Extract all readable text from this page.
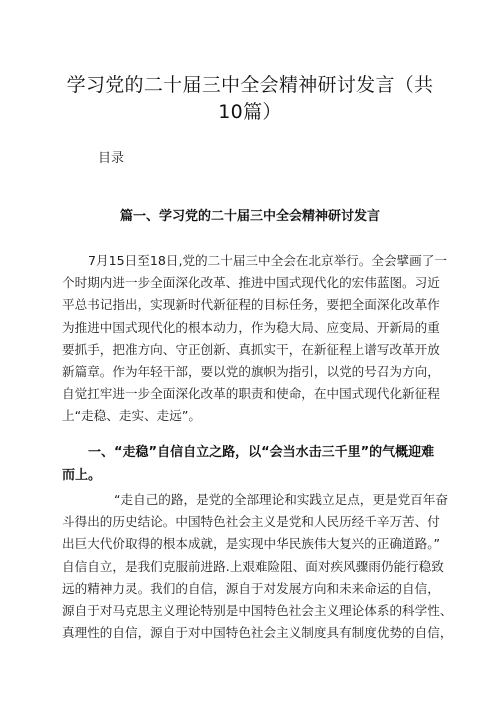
学习党的二十届三中全会精神研讨发言（共
10篇）
目录
篇一、学习党的二十届三中全会精神研讨发言
7月15日至18日,党的二十届三中全会在北京举行。全会擘画了一
个时期内进一步全面深化改革、推进中国式现代化的宏伟蓝图。习近
平总书记指出，实现新时代新征程的目标任务，要把全面深化改革作
为推进中国式现代化的根本动力，作为稳大局、应变局、开新局的重
要抓手，把准方向、守正创新、真抓实干，在新征程上谱写改革开放
新篇章。作为年轻干部，要以党的旗帜为指引，以党的号召为方向，
自觉扛牢进一步全面深化改革的职责和使命，在中国式现代化新征程
上“走稳、走实、走远”。
一、“走稳”自信自立之路，以“会当水击三千里”的气概迎难
而上。
“走自己的路，是党的全部理论和实践立足点，更是党百年奋
斗得出的历史结论。中国特色社会主义是党和人民历经千辛万苦、付
出巨大代价取得的根本成就，是实现中华民族伟大复兴的正确道路。”
自信自立，是我们克服前进路.上艰难险阻、面对疾风骤雨仍能行稳致
远的精神力灵。我们的自信，源自于对发展方向和未来命运的自信，
源自于对马克思主义理论特别是中国特色社会主义理论体系的科学性、
真理性的自信，源自于对中国特色社会主义制度具有制度优势的自信，
